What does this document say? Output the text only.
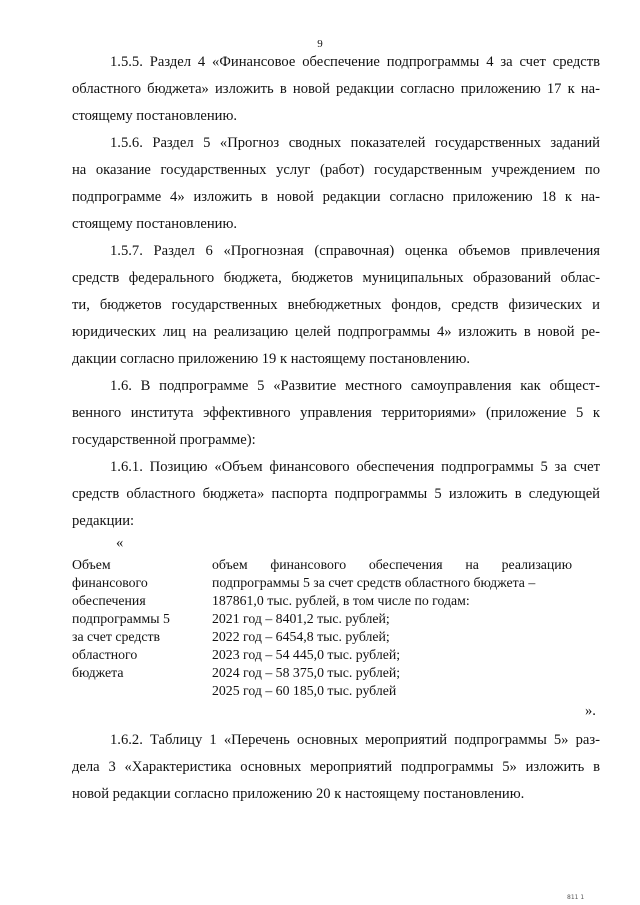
9
1.5.5. Раздел 4 «Финансовое обеспечение подпрограммы 4 за счет средств
областного бюджета» изложить в новой редакции согласно приложению 17 к на-
стоящему постановлению.
1.5.6. Раздел 5 «Прогноз сводных показателей государственных заданий
на оказание государственных услуг (работ) государственным учреждением по
подпрограмме 4» изложить в новой редакции согласно приложению 18 к на-
стоящему постановлению.
1.5.7. Раздел 6 «Прогнозная (справочная) оценка объемов привлечения
средств федерального бюджета, бюджетов муниципальных образований облас-
ти, бюджетов государственных внебюджетных фондов, средств физических и
юридических лиц на реализацию целей подпрограммы 4» изложить в новой ре-
дакции согласно приложению 19 к настоящему постановлению.
1.6. В подпрограмме 5 «Развитие местного самоуправления как общест-
венного института эффективного управления территориями» (приложение 5 к
государственной программе):
1.6.1. Позицию «Объем финансового обеспечения подпрограммы 5 за счет
средств областного бюджета» паспорта подпрограммы 5 изложить в следующей
редакции:
«
Объем
финансового
обеспечения
подпрограммы 5
за счет средств
областного
бюджета
объем финансового обеспечения на реализацию
подпрограммы 5 за счет средств областного бюджета –
187861,0 тыс. рублей, в том числе по годам:
2021 год – 8401,2 тыс. рублей;
2022 год – 6454,8 тыс. рублей;
2023 год – 54 445,0 тыс. рублей;
2024 год – 58 375,0 тыс. рублей;
2025 год – 60 185,0 тыс. рублей
».
1.6.2. Таблицу 1 «Перечень основных мероприятий подпрограммы 5» раз-
дела 3 «Характеристика основных мероприятий подпрограммы 5» изложить в
новой редакции согласно приложению 20 к настоящему постановлению.
811 1
